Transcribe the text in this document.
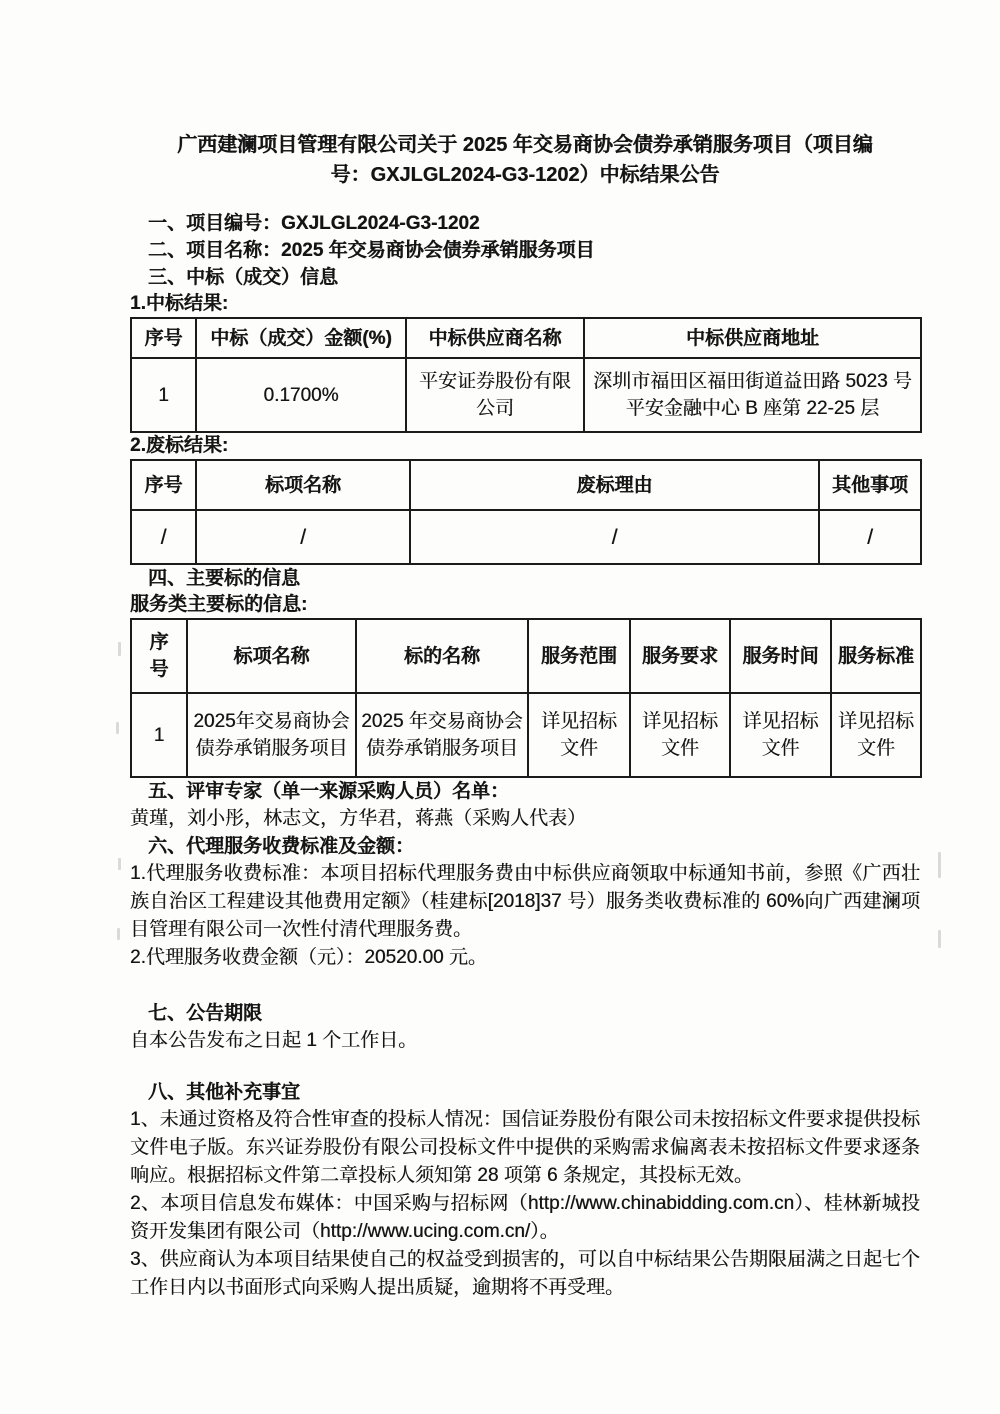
广西建澜项目管理有限公司关于 2025 年交易商协会债券承销服务项目（项目编
号：GXJLGL2024-G3-1202）中标结果公告

一、项目编号：GXJLGL2024-G3-1202

二、项目名称：2025 年交易商协会债券承销服务项目

三、中标（成交）信息

1.中标结果:

序号	中标（成交）金额(%)	中标供应商名称	中标供应商地址
1	0.1700%	平安证券股份有限公司	深圳市福田区福田街道益田路 5023 号平安金融中心 B 座第 22-25 层

2.废标结果:

序号	标项名称	废标理由	其他事项
/	/	/	/

四、主要标的信息

服务类主要标的信息:

序号	标项名称	标的名称	服务范围	服务要求	服务时间	服务标准
1	2025年交易商协会债券承销服务项目	2025 年交易商协会债券承销服务项目	详见招标文件	详见招标文件	详见招标文件	详见招标文件

五、评审专家（单一来源采购人员）名单：

黄瑾，刘小彤，林志文，方华君，蒋燕（采购人代表）

六、代理服务收费标准及金额：

1.代理服务收费标准：本项目招标代理服务费由中标供应商领取中标通知书前，参照《广西壮族自治区工程建设其他费用定额》（桂建标[2018]37 号）服务类收费标准的 60%向广西建澜项目管理有限公司一次性付清代理服务费。

2.代理服务收费金额（元）：20520.00 元。

七、公告期限

自本公告发布之日起 1 个工作日。

八、其他补充事宜

1、未通过资格及符合性审查的投标人情况：国信证券股份有限公司未按招标文件要求提供投标文件电子版。东兴证券股份有限公司投标文件中提供的采购需求偏离表未按招标文件要求逐条响应。根据招标文件第二章投标人须知第 28 项第 6 条规定，其投标无效。

2、本项目信息发布媒体：中国采购与招标网（http://www.chinabidding.com.cn）、桂林新城投资开发集团有限公司（http://www.ucing.com.cn/）。

3、供应商认为本项目结果使自己的权益受到损害的，可以自中标结果公告期限届满之日起七个工作日内以书面形式向采购人提出质疑，逾期将不再受理。
